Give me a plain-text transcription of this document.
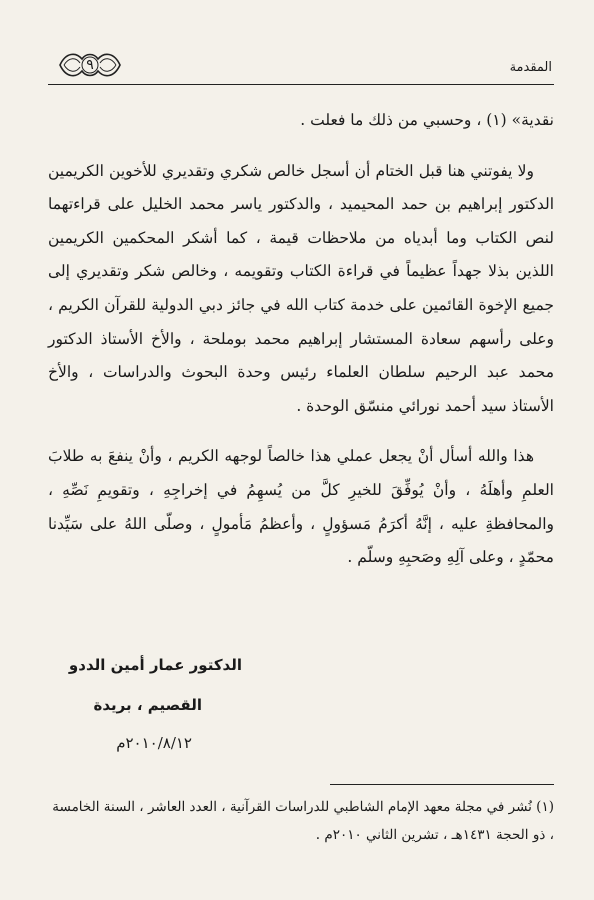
المقدمة
٩

نقدية» (١) ، وحسبي من ذلك ما فعلت .

ولا يفوتني هنا قبل الختام أن أسجل خالص شكري وتقديري للأخوين الكريمين الدكتور إبراهيم بن حمد المحيميد ، والدكتور ياسر محمد الخليل على قراءتهما لنص الكتاب وما أبدياه من ملاحظات قيمة ، كما أشكر المحكمين الكريمين اللذين بذلا جهداً عظيماً في قراءة الكتاب وتقويمه ، وخالص شكر وتقديري إلى جميع الإخوة القائمين على خدمة كتاب الله في جائز دبي الدولية للقرآن الكريم ، وعلى رأسهم سعادة المستشار إبراهيم محمد بوملحة ، والأخ الأستاذ الدكتور محمد عبد الرحيم سلطان العلماء رئيس وحدة البحوث والدراسات ، والأخ الأستاذ سيد أحمد نورائي منسّق الوحدة .

هذا والله أسأل أنْ يجعل عملي هذا خالصاً لوجهه الكريم ، وأنْ ينفعَ به طلابَ العلمِ وأهلَهُ ، وأنْ يُوفِّقَ للخيرِ كلَّ من يُسهِمُ في إخراجِهِ ، وتقويمِ نَصِّهِ ، والمحافظةِ عليه ، إنَّهُ أكرَمُ مَسؤولٍ ، وأعظمُ مَأمولٍ ، وصلّى اللهُ على سَيِّدنا محمّدٍ ، وعلى آلِهِ وصَحبِهِ وسلّم .

الدكتور عمار أمين الددو
القصيم ، بريدة
٢٠١٠/٨/١٢م
(١) نُشر في مجلة معهد الإمام الشاطبي للدراسات القرآنية ، العدد العاشر ، السنة الخامسة ، ذو الحجة ١٤٣١هـ ، تشرين الثاني ٢٠١٠م .
